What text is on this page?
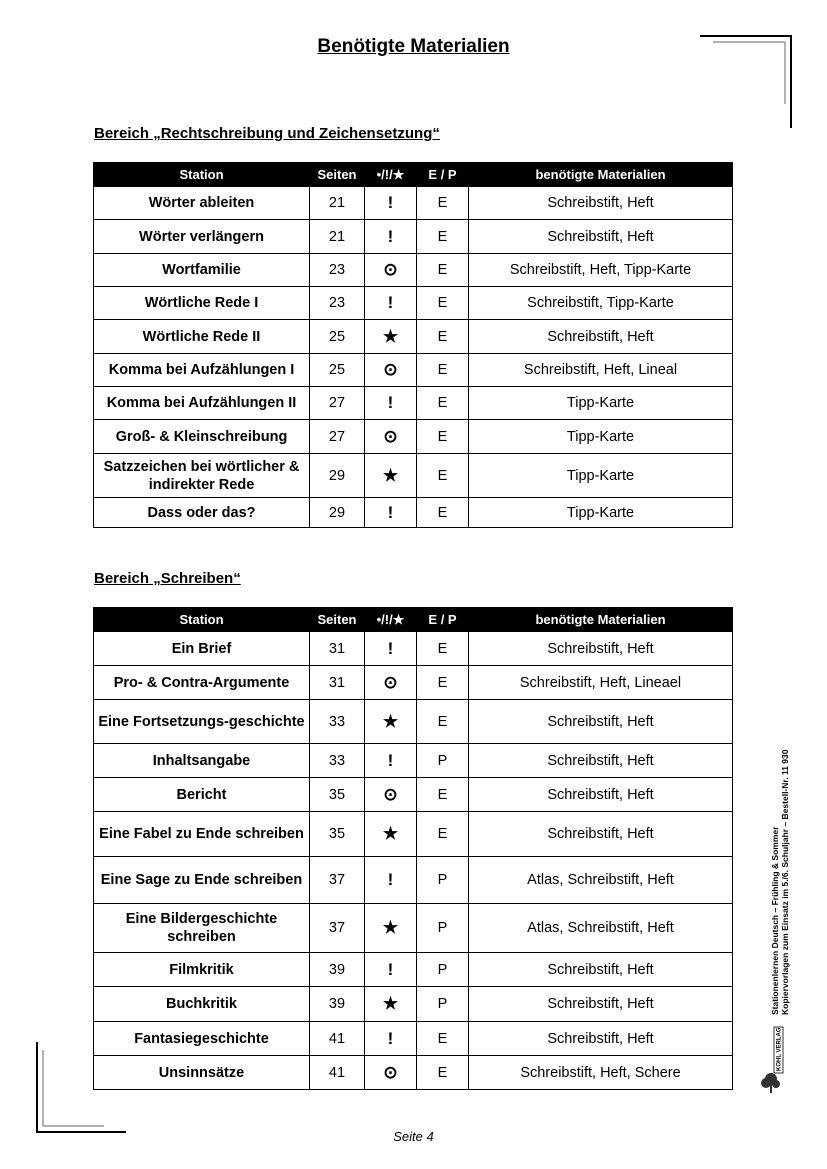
Benötigte Materialien
Bereich „Rechtschreibung und Zeichensetzung“
Station	Seiten	•/!/★	E / P	benötigte Materialien
Wörter ableiten	21	!	E	Schreibstift, Heft
Wörter verlängern	21	!	E	Schreibstift, Heft
Wortfamilie	23	⊙	E	Schreibstift, Heft, Tipp-Karte
Wörtliche Rede I	23	!	E	Schreibstift, Tipp-Karte
Wörtliche Rede II	25	★	E	Schreibstift, Heft
Komma bei Aufzählungen I	25	⊙	E	Schreibstift, Heft, Lineal
Komma bei Aufzählungen II	27	!	E	Tipp-Karte
Groß- & Kleinschreibung	27	⊙	E	Tipp-Karte
Satzzeichen bei wörtlicher & indirekter Rede	29	★	E	Tipp-Karte
Dass oder das?	29	!	E	Tipp-Karte
Bereich „Schreiben“
Station	Seiten	•/!/★	E / P	benötigte Materialien
Ein Brief	31	!	E	Schreibstift, Heft
Pro- & Contra-Argumente	31	⊙	E	Schreibstift, Heft, Lineael
Eine Fortsetzungs-geschichte	33	★	E	Schreibstift, Heft
Inhaltsangabe	33	!	P	Schreibstift, Heft
Bericht	35	⊙	E	Schreibstift, Heft
Eine Fabel zu Ende schreiben	35	★	E	Schreibstift, Heft
Eine Sage zu Ende schreiben	37	!	P	Atlas, Schreibstift, Heft
Eine Bildergeschichte schreiben	37	★	P	Atlas, Schreibstift, Heft
Filmkritik	39	!	P	Schreibstift, Heft
Buchkritik	39	★	P	Schreibstift, Heft
Fantasiegeschichte	41	!	E	Schreibstift, Heft
Unsinnsätze	41	⊙	E	Schreibstift, Heft, Schere
Stationenlernen Deutsch – Frühling & Sommer Kopiervorlagen zum Einsatz im 5./6. Schuljahr – Bestell-Nr. 11 930
KOHL VERLAG
Seite 4
